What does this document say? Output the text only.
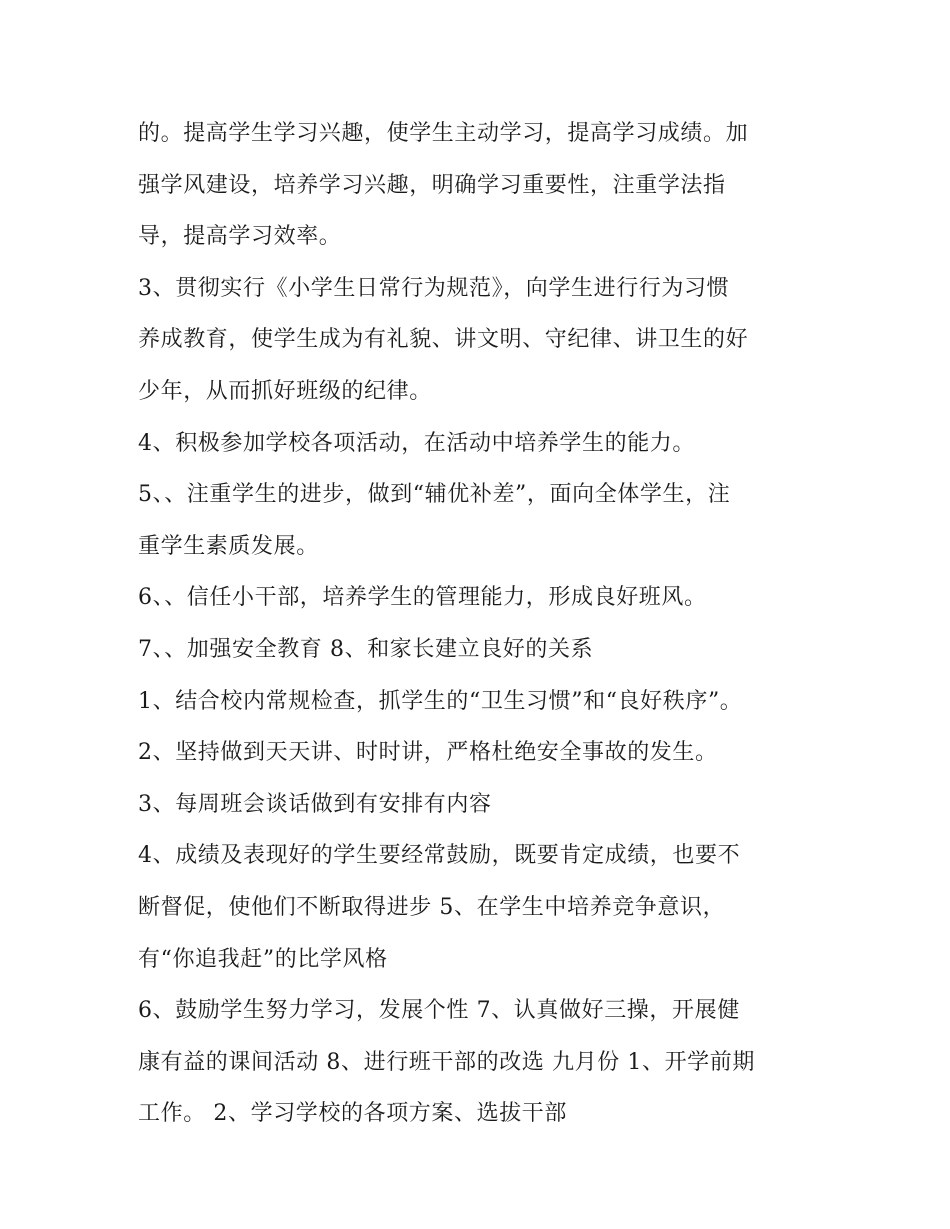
的。提高学生学习兴趣，使学生主动学习，提高学习成绩。加
强学风建设，培养学习兴趣，明确学习重要性，注重学法指
导，提高学习效率。
3、贯彻实行《小学生日常行为规范》，向学生进行行为习惯
养成教育，使学生成为有礼貌、讲文明、守纪律、讲卫生的好
少年，从而抓好班级的纪律。
4、积极参加学校各项活动，在活动中培养学生的能力。
5、、注重学生的进步，做到“辅优补差”，面向全体学生，注
重学生素质发展。
6、、信任小干部，培养学生的管理能力，形成良好班风。
7、、加强安全教育 8、和家长建立良好的关系
1、结合校内常规检查，抓学生的“卫生习惯”和“良好秩序”。
2、坚持做到天天讲、时时讲，严格杜绝安全事故的发生。
3、每周班会谈话做到有安排有内容
4、成绩及表现好的学生要经常鼓励，既要肯定成绩，也要不
断督促，使他们不断取得进步 5、在学生中培养竞争意识，
有“你追我赶”的比学风格
6、鼓励学生努力学习，发展个性 7、认真做好三操，开展健
康有益的课间活动 8、进行班干部的改选 九月份 1、开学前期
工作。 2、学习学校的各项方案、选拔干部
